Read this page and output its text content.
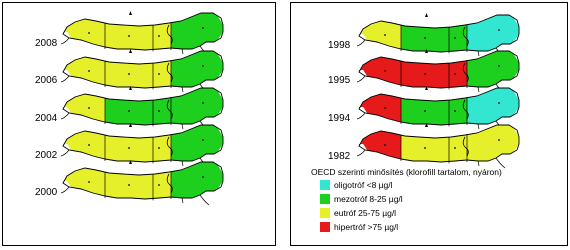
2008
2006
2004
2002
2000
1998
1995
1994
1982
OECD szerinti minősítés (klorofill tartalom, nyáron)
oligotróf <8 µg/l
mezotróf 8-25 µg/l
eutróf 25-75 µg/l
hipertróf >75 µg/l
